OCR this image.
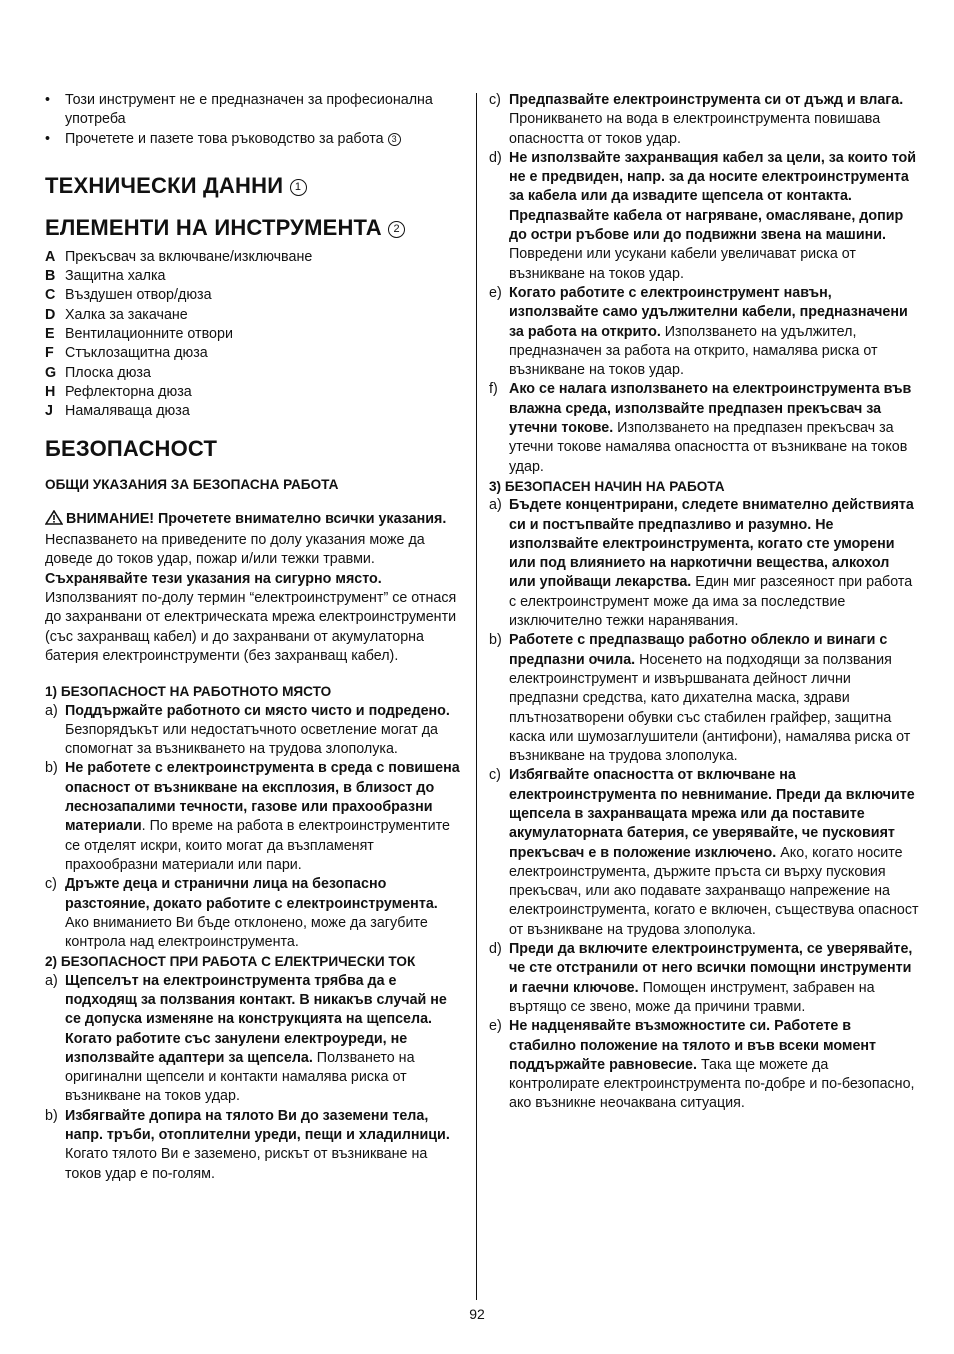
• Този инструмент не е предназначен за професионална употреба
• Прочетете и пазете това ръководство за работа 3
ТЕХНИЧЕСКИ ДАННИ 1
ЕЛЕМЕНТИ НА ИНСТРУМЕНТА 2
A Прекъсвач за включване/изключване
B Защитна халка
C Въздушен отвор/дюза
D Халка за закачане
E Вентилационните отвори
F Стъклозащитна дюза
G Плоска дюза
H Рефлекторна дюза
J Намаляваща дюза
БЕЗОПАСНОСТ

ОБЩИ УКАЗАНИЯ ЗА БЕЗОПАСНА РАБОТА

ВНИМАНИЕ! Прочетете внимателно всички указания. Неспазването на приведените по долу указания може да доведе до токов удар, пожар и/или тежки травми. Съхранявайте тези указания на сигурно място. Използваният по-долу термин “електроинструмент” се отнася до захранвани от електрическата мрежа електроинструменти (със захранващ кабел) и до захранвани от акумулаторна батерия електроинструменти (без захранващ кабел).

1) БЕЗОПАСНОСТ НА РАБОТНОТО МЯСТО

a) Поддържайте работното си място чисто и подредено. Безпорядъкът или недостатъчното осветление могат да спомогнат за възникването на трудова злополука.
b) Не работете с електроинструмента в среда с повишена опасност от възникване на експлозия, в близост до леснозапалими течности, газове или прахообразни материали. По време на работа в електроинструментите се отделят искри, които могат да възпламенят прахообразни материали или пари.
c) Дръжте деца и странични лица на безопасно разстояние, докато работите с електроинструмента. Ако вниманието Ви бъде отклонено, може да загубите контрола над електроинструмента.

2) БЕЗОПАСНОСТ ПРИ РАБОТА С ЕЛЕКТРИЧЕСКИ ТОК

a) Щепселът на електроинструмента трябва да е подходящ за ползвания контакт. В никакъв случай не се допуска изменяне на конструкцията на щепсела. Когато работите със занулени електроуреди, не използвайте адаптери за щепсела. Ползването на оригинални щепсели и контакти намалява риска от възникване на токов удар.
b) Избягвайте допира на тялото Ви до заземени тела, напр. тръби, отоплителни уреди, пещи и хладилници. Когато тялото Ви е заземено, рискът от възникване на токов удар е по-голям.
c) Предпазвайте електроинструмента си от дъжд и влага. Проникването на вода в електроинструмента повишава опасността от токов удар.
d) Не използвайте захранващия кабел за цели, за които той не е предвиден, напр. за да носите електроинструмента за кабела или да извадите щепсела от контакта. Предпазвайте кабела от нагряване, омасляване, допир до остри ръбове или до подвижни звена на машини. Повредени или усукани кабели увеличават риска от възникване на токов удар.
e) Когато работите с електроинструмент навън, използвайте само удължителни кабели, предназначени за работа на открито. Използването на удължител, предназначен за работа на открито, намалява риска от възникване на токов удар.
f) Ако се налага използването на електроинструмента във влажна среда, използвайте предпазен прекъсвач за утечни токове. Използването на предпазен прекъсвач за утечни токове намалява опасността от възникване на токов удар.

3) БЕЗОПАСЕН НАЧИН НА РАБОТА

a) Бъдете концентрирани, следете внимателно действията си и постъпвайте предпазливо и разумно. Не използвайте електроинструмента, когато сте уморени или под влиянието на наркотични вещества, алкохол или упойващи лекарства. Един миг разсеяност при работа с електроинструмент може да има за последствие изключително тежки наранявания.
b) Работете с предпазващо работно облекло и винаги с предпазни очила. Носенето на подходящи за ползвания електроинструмент и извършваната дейност лични предпазни средства, като дихателна маска, здрави плътнозатворени обувки със стабилен грайфер, защитна каска или шумозаглушители (антифони), намалява риска от възникване на трудова злополука.
c) Избягвайте опасността от включване на електроинструмента по невнимание. Преди да включите щепсела в захранващата мрежа или да поставите акумулаторната батерия, се уверявайте, че пусковият прекъсвач е в положение изключено. Ако, когато носите електроинструмента, държите пръста си върху пусковия прекъсвач, или ако подавате захранващо напрежение на електроинструмента, когато е включен, съществува опасност от възникване на трудова злополука.
d) Преди да включите електроинструмента, се уверявайте, че сте отстранили от него всички помощни инструменти и гаечни ключове. Помощен инструмент, забравен на въртящо се звено, може да причини травми.
e) Не надценявайте възможностите си. Работете в стабилно положение на тялото и във всеки момент поддържайте равновесие. Така ще можете да контролирате електроинструмента по-добре и по-безопасно, ако възникне неочаквана ситуация.
92
